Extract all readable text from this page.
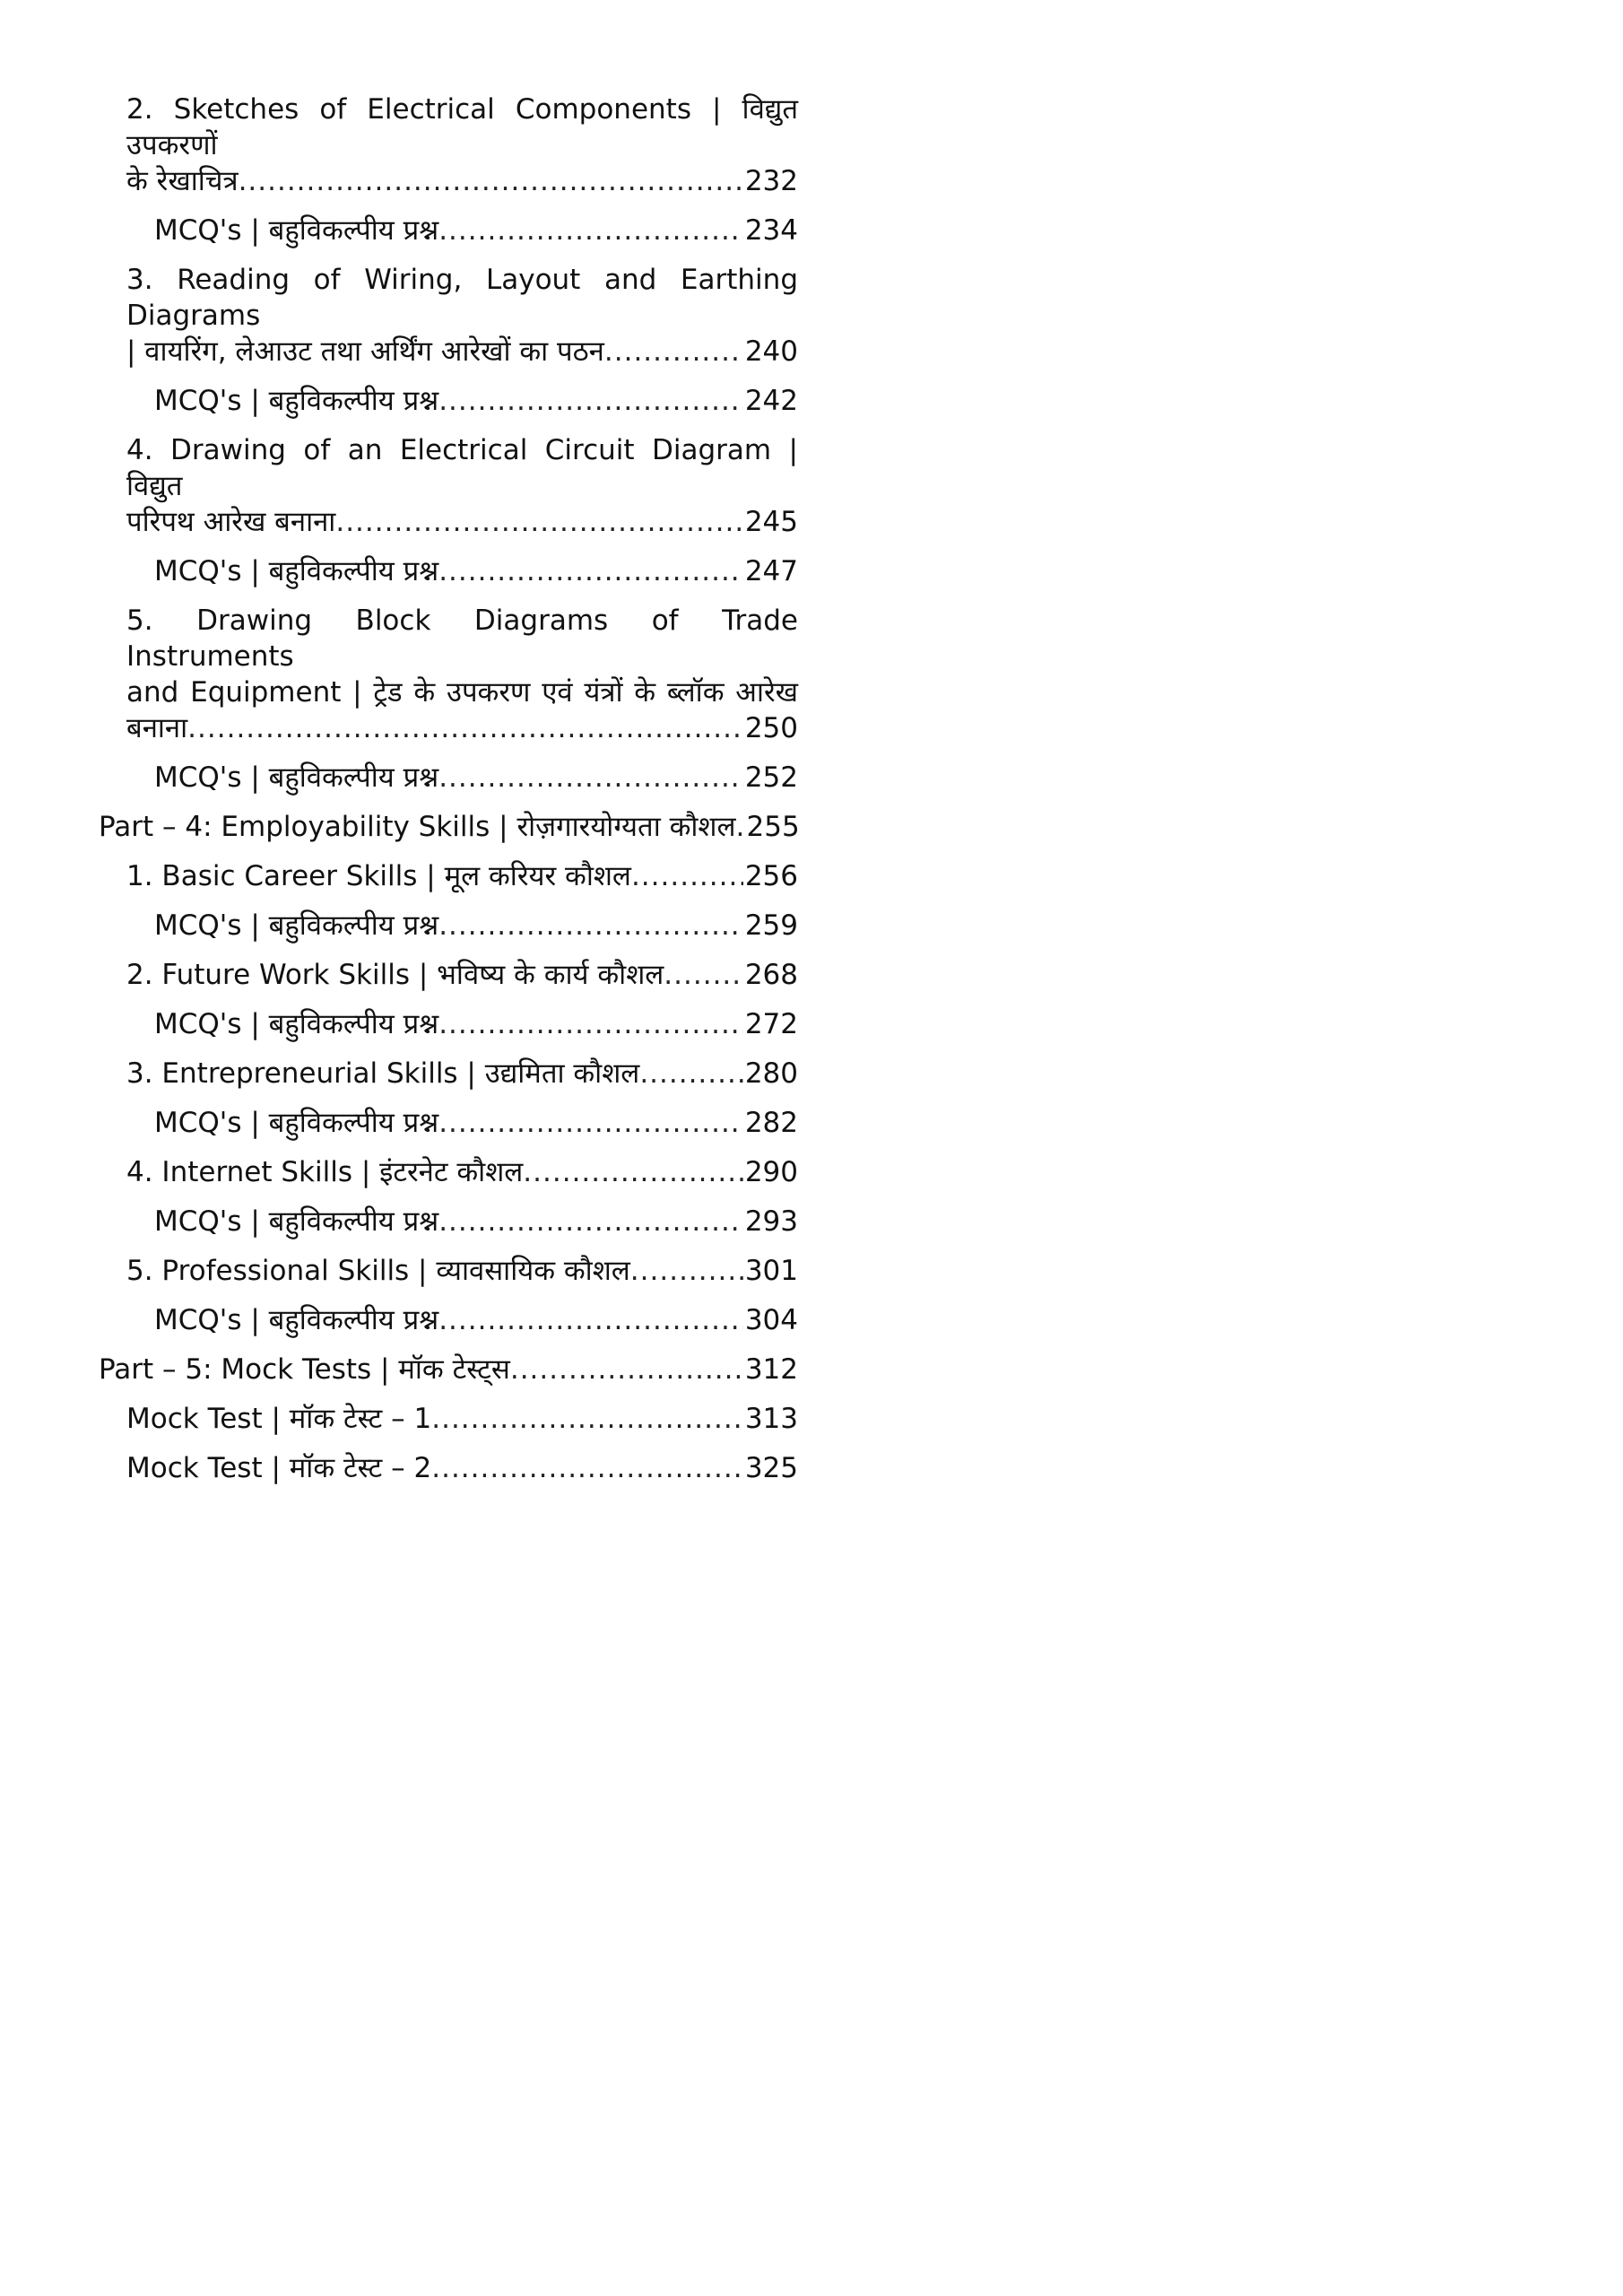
2. Sketches of Electrical Components | विद्युत उपकरणों
के रेखाचित्र .....	232
MCQ's | बहुविकल्पीय प्रश्न .....	234
3. Reading of Wiring, Layout and Earthing Diagrams
| वायरिंग, लेआउट तथा अर्थिंग आरेखों का पठन .....	240
MCQ's | बहुविकल्पीय प्रश्न .....	242
4. Drawing of an Electrical Circuit Diagram | विद्युत
परिपथ आरेख बनाना .....	245
MCQ's | बहुविकल्पीय प्रश्न .....	247
5. Drawing Block Diagrams of Trade Instruments
and Equipment | ट्रेड के उपकरण एवं यंत्रों के ब्लॉक आरेख
बनाना .....	250
MCQ's | बहुविकल्पीय प्रश्न .....	252
Part – 4: Employability Skills | रोज़गारयोग्यता कौशल ..... 255
1. Basic Career Skills | मूल करियर कौशल .....	256
MCQ's | बहुविकल्पीय प्रश्न .....	259
2. Future Work Skills | भविष्य के कार्य कौशल .....	268
MCQ's | बहुविकल्पीय प्रश्न .....	272
3. Entrepreneurial Skills | उद्यमिता कौशल .....	280
MCQ's | बहुविकल्पीय प्रश्न .....	282
4. Internet Skills | इंटरनेट कौशल .....	290
MCQ's | बहुविकल्पीय प्रश्न .....	293
5. Professional Skills | व्यावसायिक कौशल .....	301
MCQ's | बहुविकल्पीय प्रश्न .....	304
Part – 5: Mock Tests | मॉक टेस्ट्स .....	312
Mock Test | मॉक टेस्ट – 1 .....	313
Mock Test | मॉक टेस्ट – 2 .....	325
